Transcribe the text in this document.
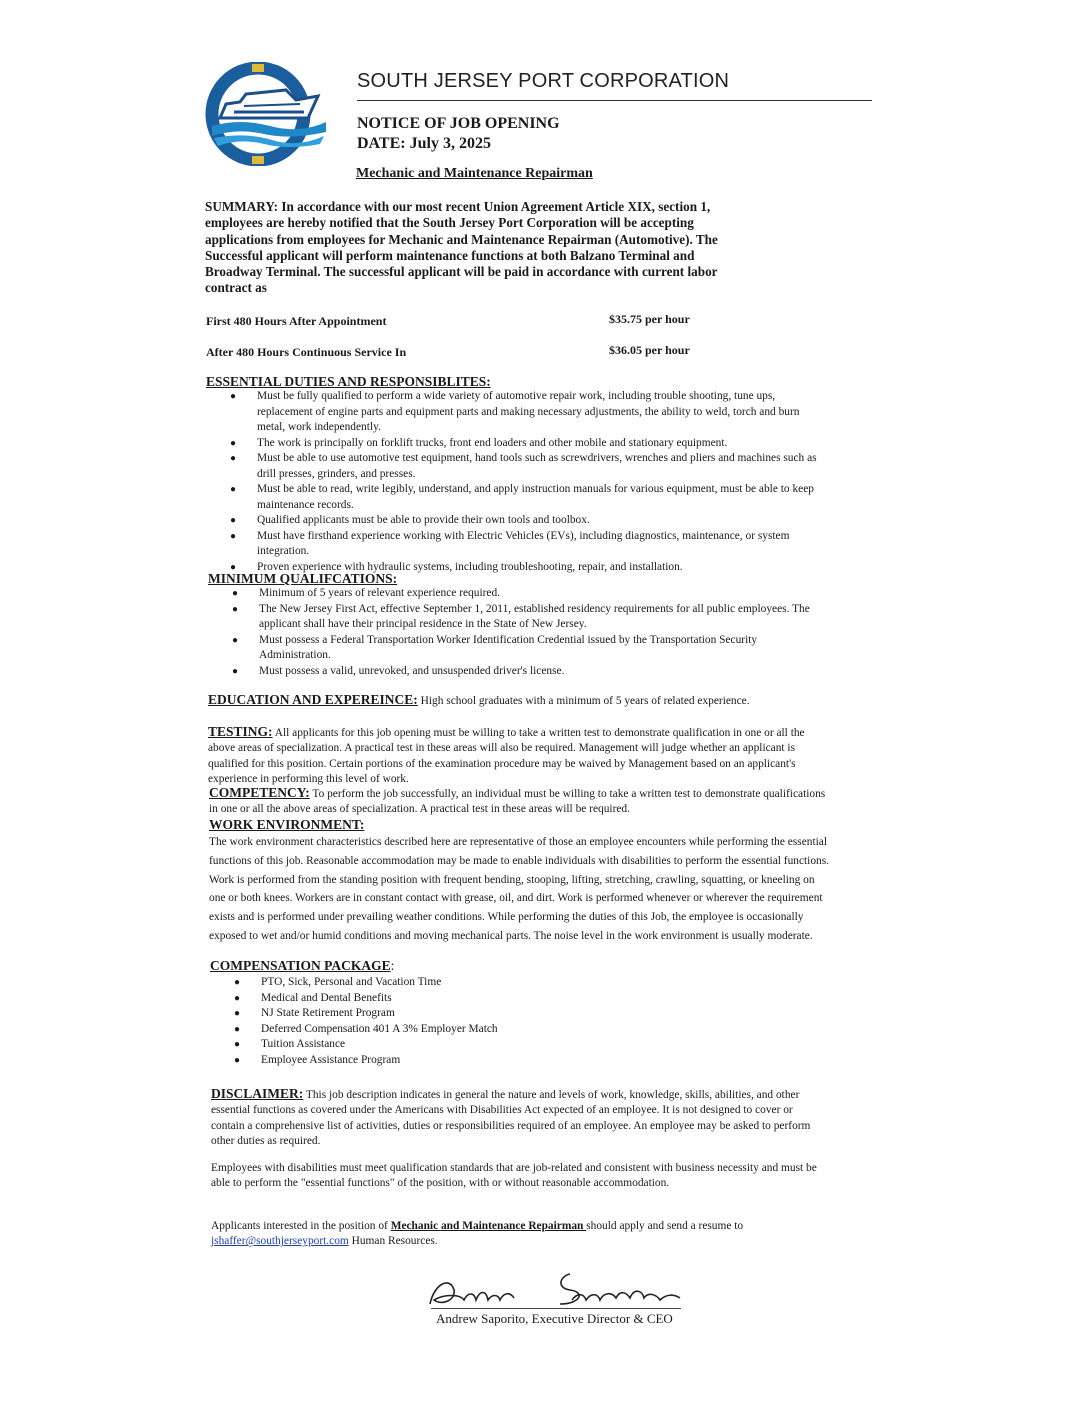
SOUTH JERSEY PORT CORPORATION
NOTICE OF JOB OPENING
DATE: July 3, 2025
Mechanic and Maintenance Repairman
SUMMARY: In accordance with our most recent Union Agreement Article XIX, section 1,
employees are hereby notified that the South Jersey Port Corporation will be accepting
applications from employees for Mechanic and Maintenance Repairman (Automotive). The
Successful applicant will perform maintenance functions at both Balzano Terminal and
Broadway Terminal. The successful applicant will be paid in accordance with current labor
contract as
First 480 Hours After Appointment	$35.75 per hour
After 480 Hours Continuous Service In	$36.05 per hour
ESSENTIAL DUTIES AND RESPONSIBLITES:
● Must be fully qualified to perform a wide variety of automotive repair work, including trouble shooting, tune ups,
replacement of engine parts and equipment parts and making necessary adjustments, the ability to weld, torch and burn
metal, work independently.
● The work is principally on forklift trucks, front end loaders and other mobile and stationary equipment.
● Must be able to use automotive test equipment, hand tools such as screwdrivers, wrenches and pliers and machines such as
drill presses, grinders, and presses.
● Must be able to read, write legibly, understand, and apply instruction manuals for various equipment, must be able to keep
maintenance records.
● Qualified applicants must be able to provide their own tools and toolbox.
● Must have firsthand experience working with Electric Vehicles (EVs), including diagnostics, maintenance, or system
integration.
● Proven experience with hydraulic systems, including troubleshooting, repair, and installation.
MINIMUM QUALIFCATIONS:
● Minimum of 5 years of relevant experience required.
● The New Jersey First Act, effective September 1, 2011, established residency requirements for all public employees. The
applicant shall have their principal residence in the State of New Jersey.
● Must possess a Federal Transportation Worker Identification Credential issued by the Transportation Security
Administration.
● Must possess a valid, unrevoked, and unsuspended driver's license.
EDUCATION AND EXPEREINCE: High school graduates with a minimum of 5 years of related experience.
TESTING: All applicants for this job opening must be willing to take a written test to demonstrate qualification in one or all the
above areas of specialization. A practical test in these areas will also be required. Management will judge whether an applicant is
qualified for this position. Certain portions of the examination procedure may be waived by Management based on an applicant's
experience in performing this level of work.
COMPETENCY: To perform the job successfully, an individual must be willing to take a written test to demonstrate qualifications
in one or all the above areas of specialization. A practical test in these areas will be required.
WORK ENVIRONMENT:
The work environment characteristics described here are representative of those an employee encounters while performing the essential
functions of this job. Reasonable accommodation may be made to enable individuals with disabilities to perform the essential functions.
Work is performed from the standing position with frequent bending, stooping, lifting, stretching, crawling, squatting, or kneeling on
one or both knees. Workers are in constant contact with grease, oil, and dirt. Work is performed whenever or wherever the requirement
exists and is performed under prevailing weather conditions. While performing the duties of this Job, the employee is occasionally
exposed to wet and/or humid conditions and moving mechanical parts. The noise level in the work environment is usually moderate.
COMPENSATION PACKAGE:
● PTO, Sick, Personal and Vacation Time
● Medical and Dental Benefits
● NJ State Retirement Program
● Deferred Compensation 401 A 3% Employer Match
● Tuition Assistance
● Employee Assistance Program
DISCLAIMER: This job description indicates in general the nature and levels of work, knowledge, skills, abilities, and other
essential functions as covered under the Americans with Disabilities Act expected of an employee. It is not designed to cover or
contain a comprehensive list of activities, duties or responsibilities required of an employee. An employee may be asked to perform
other duties as required.
Employees with disabilities must meet qualification standards that are job-related and consistent with business necessity and must be
able to perform the "essential functions" of the position, with or without reasonable accommodation.
Applicants interested in the position of Mechanic and Maintenance Repairman should apply and send a resume to
jshaffer@southjerseyport.com Human Resources.
Andrew Saporito, Executive Director & CEO
